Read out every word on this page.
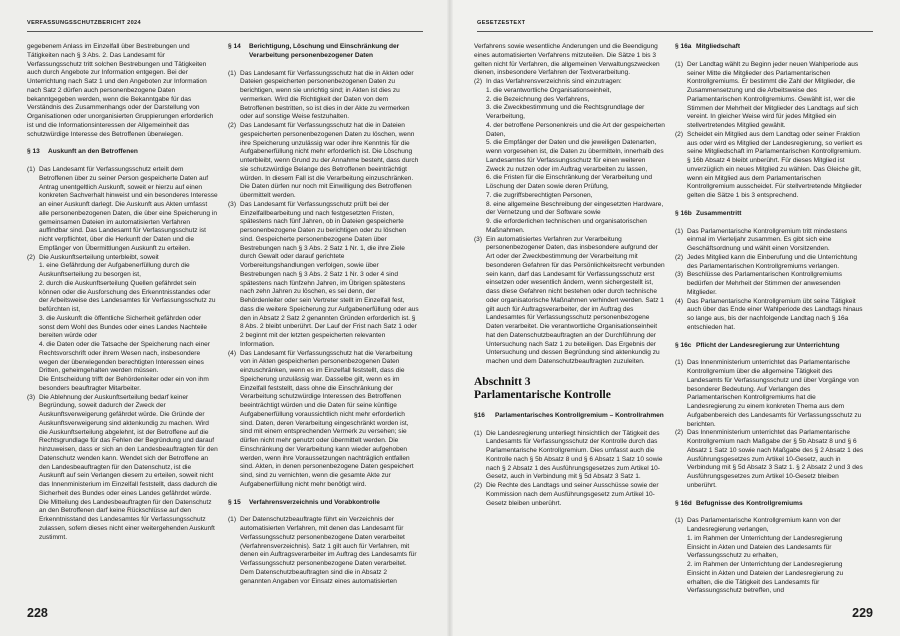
VERFASSUNGSSCHUTZBERICHT 2024

gegebenem Anlass im Einzelfall über Bestrebungen und Tätigkeiten nach § 3 Abs. 2. Das Landesamt für Verfassungsschutz tritt solchen Bestrebungen und Tätigkeiten auch durch Angebote zur Information entgegen. Bei der Unterrichtung nach Satz 1 und den Angeboten zur Information nach Satz 2 dürfen auch personenbezogene Daten bekanntgegeben werden, wenn die Bekanntgabe für das Verständnis des Zusammenhangs oder der Darstellung von Organisationen oder unorganisierten Gruppierungen erforderlich ist und die Informationsinteressen der Allgemeinheit das schutzwürdige Interesse des Betroffenen überwiegen.

§ 13	Auskunft an den Betroffenen
(1) Das Landesamt für Verfassungsschutz erteilt dem Betroffenen über zu seiner Person gespeicherte Daten auf Antrag unentgeltlich Auskunft, soweit er hierzu auf einen konkreten Sachverhalt hinweist und ein besonderes Interesse an einer Auskunft darlegt. Die Auskunft aus Akten umfasst alle personenbezogenen Daten, die über eine Speicherung in gemeinsamen Dateien im automatisierten Verfahren auffindbar sind. Das Landesamt für Verfassungsschutz ist nicht verpflichtet, über die Herkunft der Daten und die Empfänger von Übermittlungen Auskunft zu erteilen.
(2) Die Auskunftserteilung unterbleibt, soweit
1. eine Gefährdung der Aufgabenerfüllung durch die Auskunftserteilung zu besorgen ist,
2. durch die Auskunftserteilung Quellen gefährdet sein können oder die Ausforschung des Erkenntnisstandes oder der Arbeitsweise des Landesamtes für Verfassungsschutz zu befürchten ist,
3. die Auskunft die öffentliche Sicherheit gefährden oder sonst dem Wohl des Bundes oder eines Landes Nachteile bereiten würde oder
4. die Daten oder die Tatsache der Speicherung nach einer Rechtsvorschrift oder ihrem Wesen nach, insbesondere wegen der überwiegenden berechtigten Interessen eines Dritten, geheimgehalten werden müssen.
Die Entscheidung trifft der Behördenleiter oder ein von ihm besonders beauftragter Mitarbeiter.
(3) Die Ablehnung der Auskunftserteilung bedarf keiner Begründung, soweit dadurch der Zweck der Auskunftsverweigerung gefährdet würde. Die Gründe der Auskunftsverweigerung sind aktenkundig zu machen. Wird die Auskunftserteilung abgelehnt, ist der Betroffene auf die Rechtsgrundlage für das Fehlen der Begründung und darauf hinzuweisen, dass er sich an den Landesbeauftragten für den Datenschutz wenden kann. Wendet sich der Betroffene an den Landesbeauftragten für den Datenschutz, ist die Auskunft auf sein Verlangen diesem zu erteilen, soweit nicht das Innenministerium im Einzelfall feststellt, dass dadurch die Sicherheit des Bundes oder eines Landes gefährdet würde. Die Mitteilung des Landesbeauftragten für den Datenschutz an den Betroffenen darf keine Rückschlüsse auf den Erkenntnisstand des Landesamtes für Verfassungsschutz zulassen, sofern dieses nicht einer weitergehenden Auskunft zustimmt.
§ 14	Berichtigung, Löschung und Einschränkung der Verarbeitung personenbezogener Daten
(1) Das Landesamt für Verfassungsschutz hat die in Akten oder Dateien gespeicherten personenbezogenen Daten zu berichtigen, wenn sie unrichtig sind; in Akten ist dies zu vermerken. Wird die Richtigkeit der Daten von dem Betroffenen bestritten, so ist dies in der Akte zu vermerken oder auf sonstige Weise festzuhalten.
(2) Das Landesamt für Verfassungsschutz hat die in Dateien gespeicherten personenbezogenen Daten zu löschen, wenn ihre Speicherung unzulässig war oder ihre Kenntnis für die Aufgabenerfüllung nicht mehr erforderlich ist. Die Löschung unterbleibt, wenn Grund zu der Annahme besteht, dass durch sie schutzwürdige Belange des Betroffenen beeinträchtigt würden. In diesem Fall ist die Verarbeitung einzuschränken. Die Daten dürfen nur noch mit Einwilligung des Betroffenen übermittelt werden.
(3) Das Landesamt für Verfassungsschutz prüft bei der Einzelfallbearbeitung und nach festgesetzten Fristen, spätestens nach fünf Jahren, ob in Dateien gespeicherte personenbezogene Daten zu berichtigen oder zu löschen sind. Gespeicherte personenbezogene Daten über Bestrebungen nach § 3 Abs. 2 Satz 1 Nr. 1, die ihre Ziele durch Gewalt oder darauf gerichtete Vorbereitungshandlungen verfolgen, sowie über Bestrebungen nach § 3 Abs. 2 Satz 1 Nr. 3 oder 4 sind spätestens nach fünfzehn Jahren, im Übrigen spätestens nach zehn Jahren zu löschen, es sei denn, der Behördenleiter oder sein Vertreter stellt im Einzelfall fest, dass die weitere Speicherung zur Aufgabenerfüllung oder aus den in Absatz 2 Satz 2 genannten Gründen erforderlich ist. § 8 Abs. 2 bleibt unberührt. Der Lauf der Frist nach Satz 1 oder 2 beginnt mit der letzten gespeicherten relevanten Information.
(4) Das Landesamt für Verfassungsschutz hat die Verarbeitung von in Akten gespeicherten personenbezogenen Daten einzuschränken, wenn es im Einzelfall feststellt, dass die Speicherung unzulässig war. Dasselbe gilt, wenn es im Einzelfall feststellt, dass ohne die Einschränkung der Verarbeitung schutzwürdige Interessen des Betroffenen beeinträchtigt würden und die Daten für seine künftige Aufgabenerfüllung voraussichtlich nicht mehr erforderlich sind. Daten, deren Verarbeitung eingeschränkt worden ist, sind mit einem entsprechenden Vermerk zu versehen; sie dürfen nicht mehr genutzt oder übermittelt werden. Die Einschränkung der Verarbeitung kann wieder aufgehoben werden, wenn ihre Voraussetzungen nachträglich entfallen sind. Akten, in denen personenbezogene Daten gespeichert sind, sind zu vernichten, wenn die gesamte Akte zur Aufgabenerfüllung nicht mehr benötigt wird.
§ 15	Verfahrensverzeichnis und Vorabkontrolle
(1) Der Datenschutzbeauftragte führt ein Verzeichnis der automatisierten Verfahren, mit denen das Landesamt für Verfassungsschutz personenbezogene Daten verarbeitet (Verfahrensverzeichnis). Satz 1 gilt auch für Verfahren, mit denen ein Auftragsverarbeiter im Auftrag des Landesamts für Verfassungsschutz personenbezogene Daten verarbeitet. Dem Datenschutzbeauftragten sind die in Absatz 2 genannten Angaben vor Einsatz eines automatisierten
228
GESETZESTEXT

Verfahrens sowie wesentliche Änderungen und die Beendigung eines automatisierten Verfahrens mitzuteilen. Die Sätze 1 bis 3 gelten nicht für Verfahren, die allgemeinen Verwaltungszwecken dienen, insbesondere Verfahren der Textverarbeitung.

(2) In das Verfahrensverzeichnis sind einzutragen:
1. die verantwortliche Organisationseinheit,
2. die Bezeichnung des Verfahrens,
3. die Zweckbestimmung und die Rechtsgrundlage der Verarbeitung,
4. der betroffene Personenkreis und die Art der gespeicherten Daten,
5. die Empfänger der Daten und die jeweiligen Datenarten, wenn vorgesehen ist, die Daten zu übermitteln, innerhalb des Landesamtes für Verfassungsschutz für einen weiteren Zweck zu nutzen oder im Auftrag verarbeiten zu lassen,
6. die Fristen für die Einschränkung der Verarbeitung und Löschung der Daten sowie deren Prüfung,
7. die zugriffsberechtigten Personen,
8. eine allgemeine Beschreibung der eingesetzten Hardware, der Vernetzung und der Software sowie
9. die erforderlichen technischen und organisatorischen Maßnahmen.
(3) Ein automatisiertes Verfahren zur Verarbeitung personenbezogener Daten, das insbesondere aufgrund der Art oder der Zweckbestimmung der Verarbeitung mit besonderen Gefahren für das Persönlichkeitsrecht verbunden sein kann, darf das Landesamt für Verfassungsschutz erst einsetzen oder wesentlich ändern, wenn sichergestellt ist, dass diese Gefahren nicht bestehen oder durch technische oder organisatorische Maßnahmen verhindert werden. Satz 1 gilt auch für Auftragsverarbeiter, der im Auftrag des Landesamtes für Verfassungsschutz personenbezogene Daten verarbeitet. Die verantwortliche Organisationseinheit hat den Datenschutzbeauftragten an der Durchführung der Untersuchung nach Satz 1 zu beteiligen. Das Ergebnis der Untersuchung und dessen Begründung sind aktenkundig zu machen und dem Datenschutzbeauftragten zuzuleiten.
Abschnitt 3
Parlamentarische Kontrolle
§16	Parlamentarisches Kontrollgremium – Kontrollrahmen
(1) Die Landesregierung unterliegt hinsichtlich der Tätigkeit des Landesamts für Verfassungsschutz der Kontrolle durch das Parlamentarische Kontrollgremium. Dies umfasst auch die Kontrolle nach § 5b Absatz 8 und § 6 Absatz 1 Satz 10 sowie nach § 2 Absatz 1 des Ausführungsgesetzes zum Artikel 10-Gesetz, auch in Verbindung mit § 5d Absatz 3 Satz 1.
(2) Die Rechte des Landtags und seiner Ausschüsse sowie der Kommission nach dem Ausführungsgesetz zum Artikel 10-Gesetz bleiben unberührt.
§ 16a Mitgliedschaft
(1) Der Landtag wählt zu Beginn jeder neuen Wahlperiode aus seiner Mitte die Mitglieder des Parlamentarischen Kontrollgremiums. Er bestimmt die Zahl der Mitglieder, die Zusammensetzung und die Arbeitsweise des Parlamentarischen Kontrollgremiums. Gewählt ist, wer die Stimmen der Mehrheit der Mitglieder des Landtags auf sich vereint. In gleicher Weise wird für jedes Mitglied ein stellvertretendes Mitglied gewählt.
(2) Scheidet ein Mitglied aus dem Landtag oder seiner Fraktion aus oder wird es Mitglied der Landesregierung, so verliert es seine Mitgliedschaft im Parlamentarischen Kontrollgremium. § 16b Absatz 4 bleibt unberührt. Für dieses Mitglied ist unverzüglich ein neues Mitglied zu wählen. Das Gleiche gilt, wenn ein Mitglied aus dem Parlamentarischen Kontrollgremium ausscheidet. Für stellvertretende Mitglieder gelten die Sätze 1 bis 3 entsprechend.
§ 16b Zusammentritt
(1) Das Parlamentarische Kontrollgremium tritt mindestens einmal im Vierteljahr zusammen. Es gibt sich eine Geschäftsordnung und wählt einen Vorsitzenden.
(2) Jedes Mitglied kann die Einberufung und die Unterrichtung des Parlamentarischen Kontrollgremiums verlangen.
(3) Beschlüsse des Parlamentarischen Kontrollgremiums bedürfen der Mehrheit der Stimmen der anwesenden Mitglieder.
(4) Das Parlamentarische Kontrollgremium übt seine Tätigkeit auch über das Ende einer Wahlperiode des Landtags hinaus so lange aus, bis der nachfolgende Landtag nach § 16a entschieden hat.
§ 16c Pflicht der Landesregierung zur Unterrichtung
(1) Das Innenministerium unterrichtet das Parlamentarische Kontrollgremium über die allgemeine Tätigkeit des Landesamts für Verfassungsschutz und über Vorgänge von besonderer Bedeutung. Auf Verlangen des Parlamentarischen Kontrollgremiums hat die Landesregierung zu einem konkreten Thema aus dem Aufgabenbereich des Landesamts für Verfassungsschutz zu berichten.
(2) Das Innenministerium unterrichtet das Parlamentarische Kontrollgremium nach Maßgabe der § 5b Absatz 8 und § 6 Absatz 1 Satz 10 sowie nach Maßgabe des § 2 Absatz 1 des Ausführungsgesetzes zum Artikel 10-Gesetz, auch in Verbindung mit § 5d Absatz 3 Satz 1. § 2 Absatz 2 und 3 des Ausführungsgesetzes zum Artikel 10-Gesetz bleiben unberührt.
§ 16d Befugnisse des Kontrollgremiums
(1) Das Parlamentarische Kontrollgremium kann von der Landesregierung verlangen,
1. im Rahmen der Unterrichtung der Landesregierung Einsicht in Akten und Dateien des Landesamts für Verfassungsschutz zu erhalten,
2. im Rahmen der Unterrichtung der Landesregierung Einsicht in Akten und Dateien der Landesregierung zu erhalten, die die Tätigkeit des Landesamts für Verfassungsschutz betreffen, und
229
